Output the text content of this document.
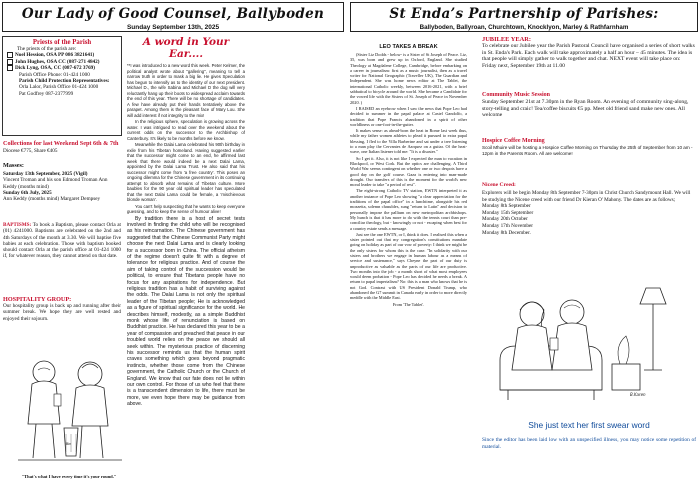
Our Lady of Good Counsel, Ballyboden
Sunday September 13th, 2025
St Enda’s Partnership of Parishes:
Ballyboden, Ballyroan, Churchtown, Knocklyon, Marley & Rathfarnham
Priests of the Parish
The priests of the parish are:
Noel Hession, OSA PP 086 3821641)
John Hughes, OSA CC (087-271 4842)
Dick Lyng, OSA, CC (087-672 3769)
Parish Office Phone: 01-424 1000
Parish Child Protection Representatives:
Orla Lalor, Parish Office 01-424 1000
Pat Godfrey 087-2377999
Collections for last Weekend Sept 6th & 7th
Diocese €775, Share €405
Masses:
Saturday 13th September, 2025 (Vigil)
Vincent Troman and his son Edmond Troman Ann Keddy (months mind)
Sunday 6th July, 2025
Ann Keddy (months mind) Margaret Dempsey
BAPTISMS: To book a Baptism, please contact Orla at (01) 4241000. Baptisms are celebrated on the 2nd and 4th Saturdays of the month at 3.30. We will baptise five babies at each celebration. Those with baptism booked should contact Orla at the parish office at 01-424 1000 if, for whatever reason, they cannot attend on that date.
HOSPITALITY GROUP:
Our hospitality group is back up and running after their summer break. We hope they are well rested and enjoyed their sojourn.
Bin
"That's what I have every time it's your round."
A word in Your Ear....

**I was introduced to a new word this week. Peter Kelmer, the political analyst wrote about "gallering", meaning to tell a narrow truth in order to mask a big lie. He gives Speculation has begun to intensify as to the identity of our next president. Michael D., the wife Sabina and Michael D the dog will very reluctantly hang up their boots to widespread acclaim towards the end of this year. There will be no shortage of candidates. A few have already put their hands tentatively above the parapet. Among them is the pleasant face of Mary Lou. She will add interest if not integrity to the mix!

In the religious sphere, speculation is growing across the water. I was intrigued to read over the weekend about the current odds on the successor to the Archbishop of Canterbury. It's likely to be months before we know.

Meanwhile the Dalai Lama celebrated his 90th birthday in exile from his Tibetan homeland. Having suggested earlier that the successor might come to an end, he affirmed last week that there would indeed be a next Dalai Lama, appointed by the Dalai Lama Trust. He also said that his successor might come from 'a free country'. This poses an ongoing dilemma for the Chinese government in its continuing attempt to absorb what remains of Tibetan culture. More baubles for the 90 year old spiritual leader has speculated that the next Dalai Lama could be female, a 'mischievous blonde woman'.

You can't help suspecting that he wants to keep everyone guessing, and to keep the sense of humour alive!

By tradition there is a host of secret tests involved in finding the child who will be recognised as his reincarnation. The Chinese government has suggested that the Chinese Communist Party might choose the next Dalai Lama and is clearly looking for a successor born in China. The official atheism of the regime doesn't quite fit with a degree of tolerance for religious practice. And of course the aim of taking control of the succession would be political, to ensure that Tibetans people have no focus for any aspirations for independence. But religious tradition has a habit of surviving against the odds. The Dalai Lama is not only the spiritual leader of the Tibetan people; He is acknowledged as a figure of spiritual significance for the world. He describes himself, modestly, as a simple Buddhist monk whose life of renunciation is based on Buddhist practice. He has declared this year to be a year of compassion and preached that peace in our troubled world relies on the peace we should all seek within. The mysterious practice of discerning his successor reminds us that the human spirit craves something which goes beyond pragmatic instincts, whether those come from the Chinese government, the Catholic Church or the Church of England. We know that our fate does not lie within our own control. For those of us who feel that there is a transcendent dimension to life, there must be more, we even hope there may be guidance from above.

LEO TAKES A BREAK

(Sister Liz Dodds - below- is a Sister of St Joseph of Peace. Liz, 35, was born and grew up in Oxford, England. She studied Theology at Magdalene College, Cambridge, before embarking on a career in journalism: first as a music journalist, then as a travel writer for National Geographic (Traveller UK), The Guardian and Independent. She was home news editor at The Tablet, the international Catholic weekly, between 2016-2021, with a brief sabbatical to bicycle around the world. She became a Candidate for the vowed life with the Sisters of St. Joseph of Peace in November 2020. )

I RAISED an eyebrow when I saw the news that Pope Leo had decided to summer in the papal palace at Castel Gandolfo, a tradition that Pope Francis abandoned in a spirit of other worldliness or one-foot-in-the-gutter.

It makes sense: as ahead-born the heat in Rome last week thus, while my father women athletes to plead it pursued to extra papal blessing, I fled to the Villa Barberine and sat under a tree listening to a man play the Cervantes de Aarquez on a guitar. Of the heat-wave, one Italian listener told me: "It is a disaster."

So I get it. Also, it is not like I expected the man to vacation in Blackpool, or West Cork. But the optics are challenging. A Third World War seems contingent on whether one or two despots have a good day on the golf course. Gaza is entering into man-made drought. Our transfers of this is the moment for the world's new moral leader to take "a period of rest".

The eight-strong Catholic TV station, EWTN interpreted it as another instance of Pope Leo showing "a clear appreciation for the traditions of the papal office" in a lunchtime, alongside his red mozzetta, solemn chasubles, sung "return to Latin" and decision to personally impose the pallium on new metropolitan archbishops. My hunch is that it has more to do with the tennis court than pre-conciliar theology, but - knowingly or not - escaping when best for a country estate sends a message.

Just see the one EWTN, or I, think it does. I realised this when a sister pointed out that my congregation's constitutions mandate going on holiday as part of our vow of poverty: I think we might be the only sisters for whom this is the case. "In solidarity with our sisters and brothers we engage in human labour as a means of service and sustenance," says Cheyne the part of our duty is unproductive as valuable as the parts of our life are productive. Two months into the job - a month short of what most employees would deem probation - Pope Leo has decided he needs a break. A return to papal imperialism? No: this is a man who knows that he is not God. Contrast with US President Donald Trump, who abandoned the G7 summit in Canada early in order to more directly meddle with the Middle East.

From 'The Tablet'.

JUBILEE YEAR:
To celebrate our Jubilee year the Parish Pastoral Council have organised a series of short walks in St. Enda's Park. Each walk will take approximately a half an hour – 45 minutes. The idea is that people will simply gather to walk together and chat. NEXT event will take place on: Friday next, September 19th at 11.00
Community Music Session
Sunday September 21st at 7.30pm in the Ryan Room. An evening of community sing-along, story-telling and craic! Tea/coffee biscuits €5 pp. Meet old friend sand make new ones. All welcome
Hospice Coffee Morning
Scoil Mhuire will be hosting a Hospice Coffee Morning on Thursday the 25th of September from 10 am - 12pm in the Parents Room. All are welcome!
Nicene Creed:
Explorers will be begin Monday 8th September 7-30pm in Christ Church Sandymount Hall. We will be studying the Nicene creed with our friend Dr Kieran O' Mahony. The dates are as follows;
Monday 8th September
Monday 15th September
Monday 20th October
Monday 17th November
Monday 8th December.
B.Karen
She just text her first swear word
Since the editor has been laid low with an unspecified illness, you may notice some repetition of material.
